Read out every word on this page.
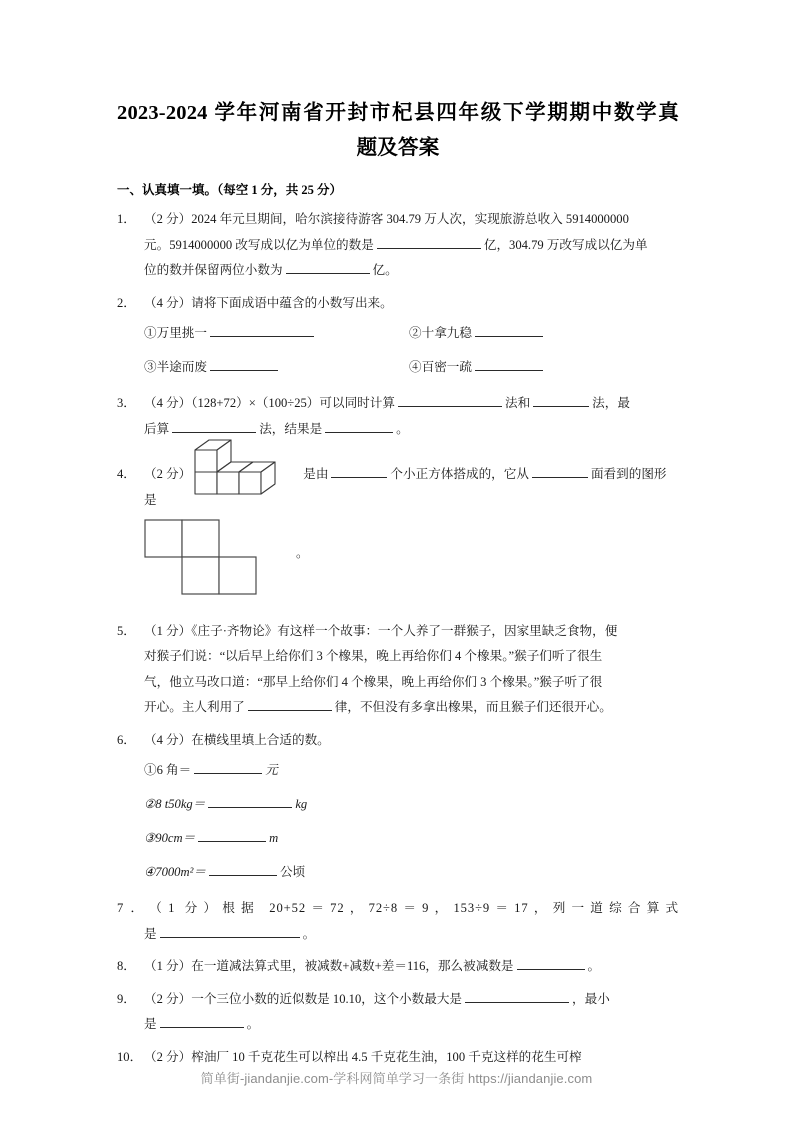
2023-2024 学年河南省开封市杞县四年级下学期期中数学真
题及答案
一、认真填一填。（每空 1 分，共 25 分）
1． （2 分）2024 年元旦期间，哈尔滨接待游客 304.79 万人次，实现旅游总收入 5914000000
元。5914000000 改写成以亿为单位的数是	亿，304.79 万改写成以亿为单
位的数并保留两位小数为	亿。
2． （4 分）请将下面成语中蕴含的小数写出来。
①万里挑一	②十拿九稳
③半途而废	④百密一疏
3． （4 分）（128+72）×（100÷25）可以同时计算	法和	法，最
后算	法，结果是	。
4． （2 分）	是由	个小正方体搭成的，它从	面看到的图形是
。
5． （1 分）《庄子·齐物论》有这样一个故事：一个人养了一群猴子，因家里缺乏食物，便
对猴子们说：“以后早上给你们 3 个橡果，晚上再给你们 4 个橡果。”猴子们听了很生
气，他立马改口道：“那早上给你们 4 个橡果，晚上再给你们 3 个橡果。”猴子听了很
开心。主人利用了	律，不但没有多拿出橡果，而且猴子们还很开心。
6． （4 分）在横线里填上合适的数。
①6 角＝	元②8 t50kg＝	kg
③90cm＝	m④7000m²＝	公顷
7．（1 分）根据 20+52＝72，72÷8＝9，153÷9＝17，列一道综合算式
是	。
8． （1 分）在一道减法算式里，被减数+减数+差＝116，那么被减数是	。
9． （2 分）一个三位小数的近似数是 10.10，这个小数最大是	，最小
是	。
10． （2 分）榨油厂 10 千克花生可以榨出 4.5 千克花生油，100 千克这样的花生可榨
简单街-jiandanjie.com-学科网简单学习一条街 https://jiandanjie.com
